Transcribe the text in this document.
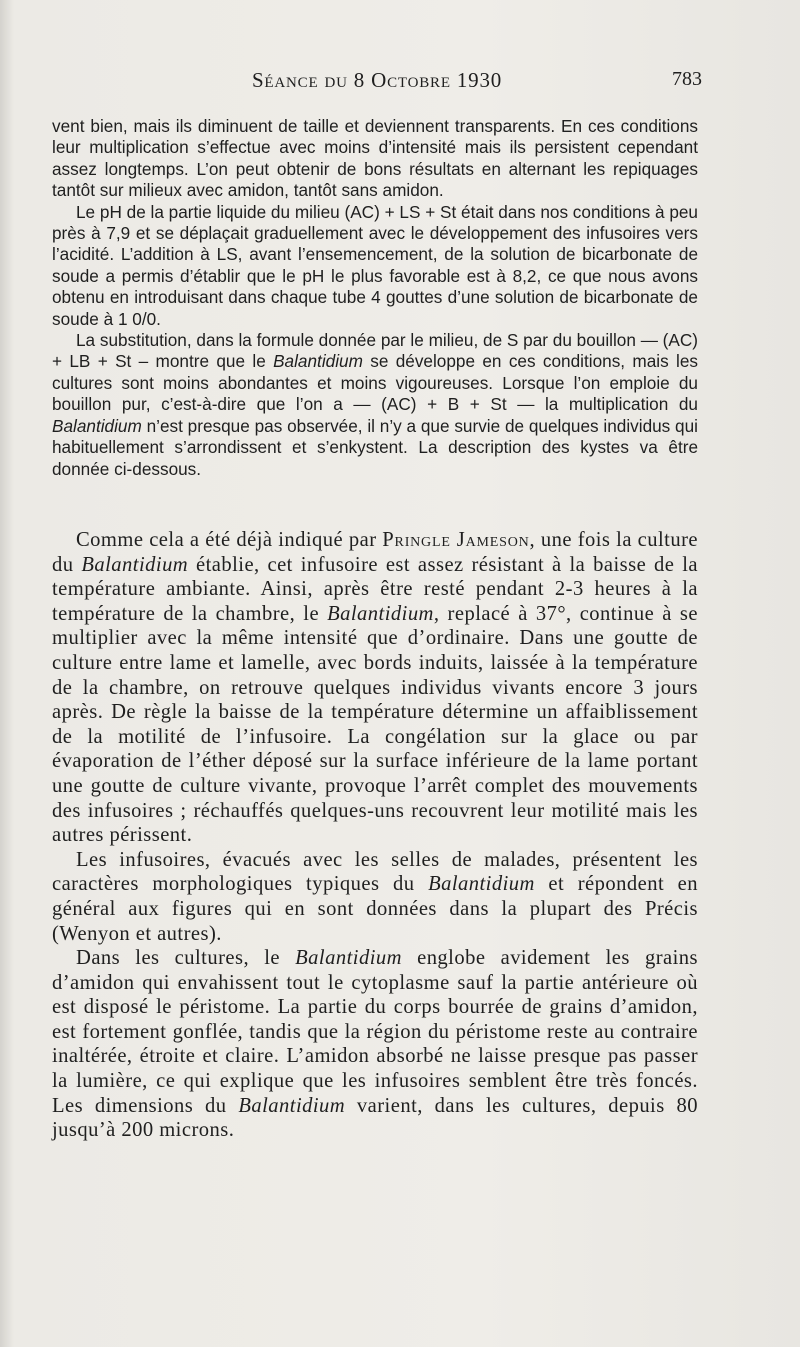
Séance du 8 Octobre 1930	783

vent bien, mais ils diminuent de taille et deviennent transparents. En ces conditions leur multiplication s’effectue avec moins d’intensité mais ils persistent cependant assez longtemps. L’on peut obtenir de bons résultats en alternant les repiquages tantôt sur milieux avec amidon, tantôt sans amidon.

Le pH de la partie liquide du milieu (AC) + LS + St était dans nos conditions à peu près à 7,9 et se déplaçait graduellement avec le développement des infusoires vers l’acidité. L’addition à LS, avant l’ensemencement, de la solution de bicarbonate de soude a permis d’établir que le pH le plus favorable est à 8,2, ce que nous avons obtenu en introduisant dans chaque tube 4 gouttes d’une solution de bicarbonate de soude à 1 0/0.

La substitution, dans la formule donnée par le milieu, de S par du bouillon — (AC) + LB + St – montre que le Balantidium se développe en ces conditions, mais les cultures sont moins abondantes et moins vigoureuses. Lorsque l’on emploie du bouillon pur, c’est-à-dire que l’on a — (AC) + B + St — la multiplication du Balantidium n’est presque pas observée, il n’y a que survie de quelques individus qui habituellement s’arrondissent et s’enkystent. La description des kystes va être donnée ci-dessous.

Comme cela a été déjà indiqué par Pringle Jameson, une fois la culture du Balantidium établie, cet infusoire est assez résistant à la baisse de la température ambiante. Ainsi, après être resté pendant 2-3 heures à la température de la chambre, le Balantidium, replacé à 37°, continue à se multiplier avec la même intensité que d’ordinaire. Dans une goutte de culture entre lame et lamelle, avec bords induits, laissée à la température de la chambre, on retrouve quelques individus vivants encore 3 jours après. De règle la baisse de la température détermine un affaiblissement de la motilité de l’infusoire. La congélation sur la glace ou par évaporation de l’éther déposé sur la surface inférieure de la lame portant une goutte de culture vivante, provoque l’arrêt complet des mouvements des infusoires ; réchauffés quelques-uns recouvrent leur motilité mais les autres périssent.

Les infusoires, évacués avec les selles de malades, présentent les caractères morphologiques typiques du Balantidium et répondent en général aux figures qui en sont données dans la plupart des Précis (Wenyon et autres).

Dans les cultures, le Balantidium englobe avidement les grains d’amidon qui envahissent tout le cytoplasme sauf la partie antérieure où est disposé le péristome. La partie du corps bourrée de grains d’amidon, est fortement gonflée, tandis que la région du péristome reste au contraire inaltérée, étroite et claire. L’amidon absorbé ne laisse presque pas passer la lumière, ce qui explique que les infusoires semblent être très foncés. Les dimensions du Balantidium varient, dans les cultures, depuis 80 jusqu’à 200 microns.
